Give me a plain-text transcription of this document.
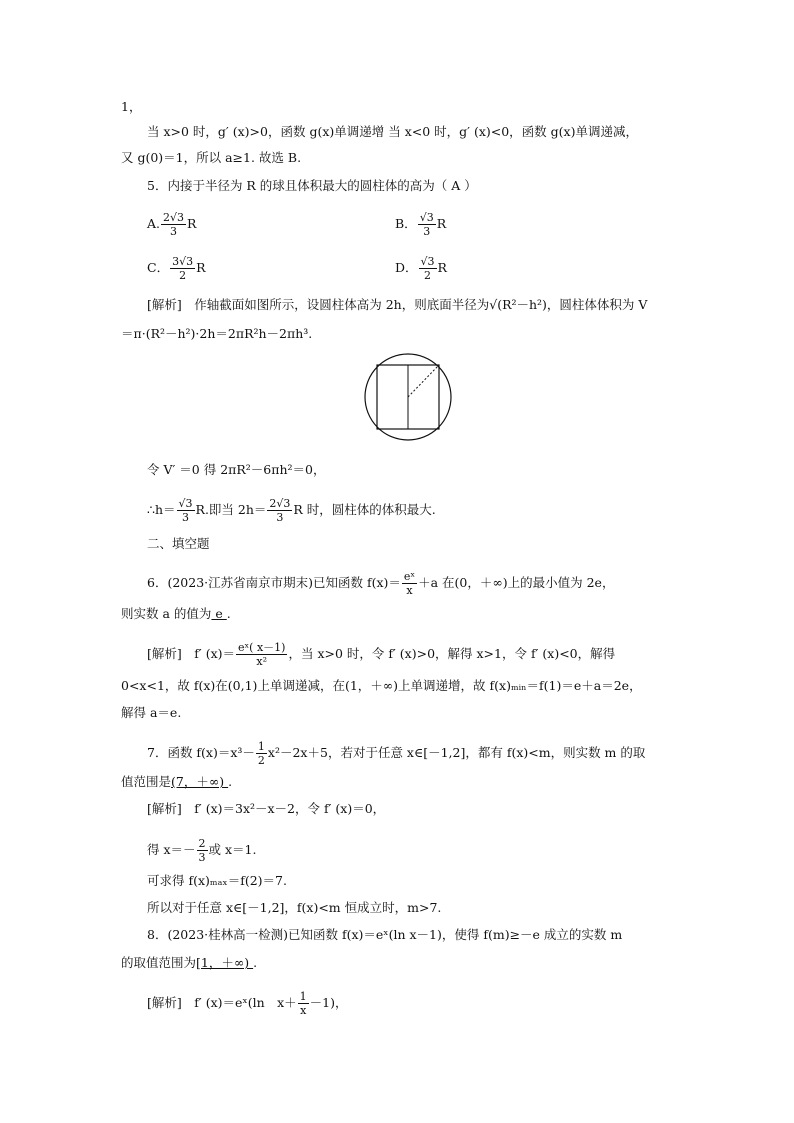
1，
当 x>0 时，g′ (x)>0，函数 g(x)单调递增 当 x<0 时，g′ (x)<0，函数 g(x)单调递减，
又 g(0)＝1，所以 a≥1. 故选 B.
5．内接于半径为 R 的球且体积最大的圆柱体的高为（ A ）
A. $\frac{2√3}{3}$ R	B． $\frac{√3}{3}$ R
C． $\frac{3√3}{2}$ R	D． $\frac{√3}{2}$ R
[解析]　作轴截面如图所示，设圆柱体高为 2h，则底面半径为√(R²－h²)，圆柱体体积为 V
＝π·(R²－h²)·2h＝2πR²h－2πh³.
令 V′ ＝0 得 2πR²－6πh²＝0，
∴h＝ $\frac{√3}{3} R$.即当 $2h= \frac{2√3}{3}$ R 时，圆柱体的体积最大.
二、填空题
6．(2023·江苏省南京市期末)已知函数 $f(x)= \frac{\text{eˣ}}{x} +a$ 在(0，＋∞)上的最小值为 2e，
则实数 a 的值为 e .
[解析]　f′ $(x)= \frac{\text{eˣ( x－1)}}{\text{x²}}$ ，当 x>0 时，令 f′ (x)>0，解得 x>1，令 f′ (x)<0，解得
0<x<1，故 f(x)在(0,1)上单调递减，在(1，＋∞)上单调递增，故 f(x)ₘᵢₙ＝f(1)＝e＋a＝2e，
解得 a＝e.
7．函数 $f(x)=x^3- \frac{1}{2} x^2-2x+5$，若对于任意 x∈[－1,2]，都有 f(x)<m，则实数 m 的取
值范围是(7，＋∞) .
[解析]　f′ (x)＝3x²－x－2，令 f′ (x)＝0，
得 $x=- \frac{2}{3}$ 或 x＝1.
可求得 f(x)ₘₐₓ＝f(2)＝7.
所以对于任意 x∈[－1,2]，f(x)<m 恒成立时，m>7.
8．(2023·桂林高一检测)已知函数 f(x)＝eˣ(ln x－1)，使得 f(m)≥－e 成立的实数 m
的取值范围为[1，＋∞) .
[解析]　f′ (x)＝eˣ(ln　$x+ \frac{1}{x} -1$)，
